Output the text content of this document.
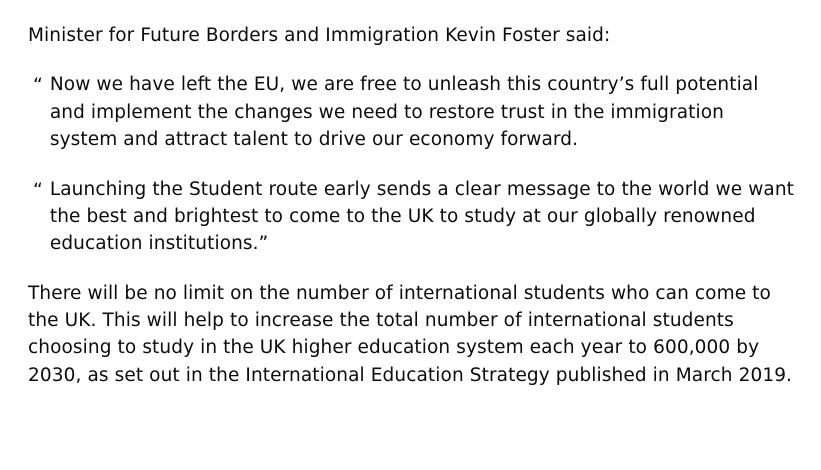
Minister for Future Borders and Immigration Kevin Foster said:

“ Now we have left the EU, we are free to unleash this country’s full potential and implement the changes we need to restore trust in the immigration system and attract talent to drive our economy forward.
“ Launching the Student route early sends a clear message to the world we want the best and brightest to come to the UK to study at our globally renowned education institutions.”

There will be no limit on the number of international students who can come to the UK. This will help to increase the total number of international students choosing to study in the UK higher education system each year to 600,000 by 2030, as set out in the International Education Strategy published in March 2019.
